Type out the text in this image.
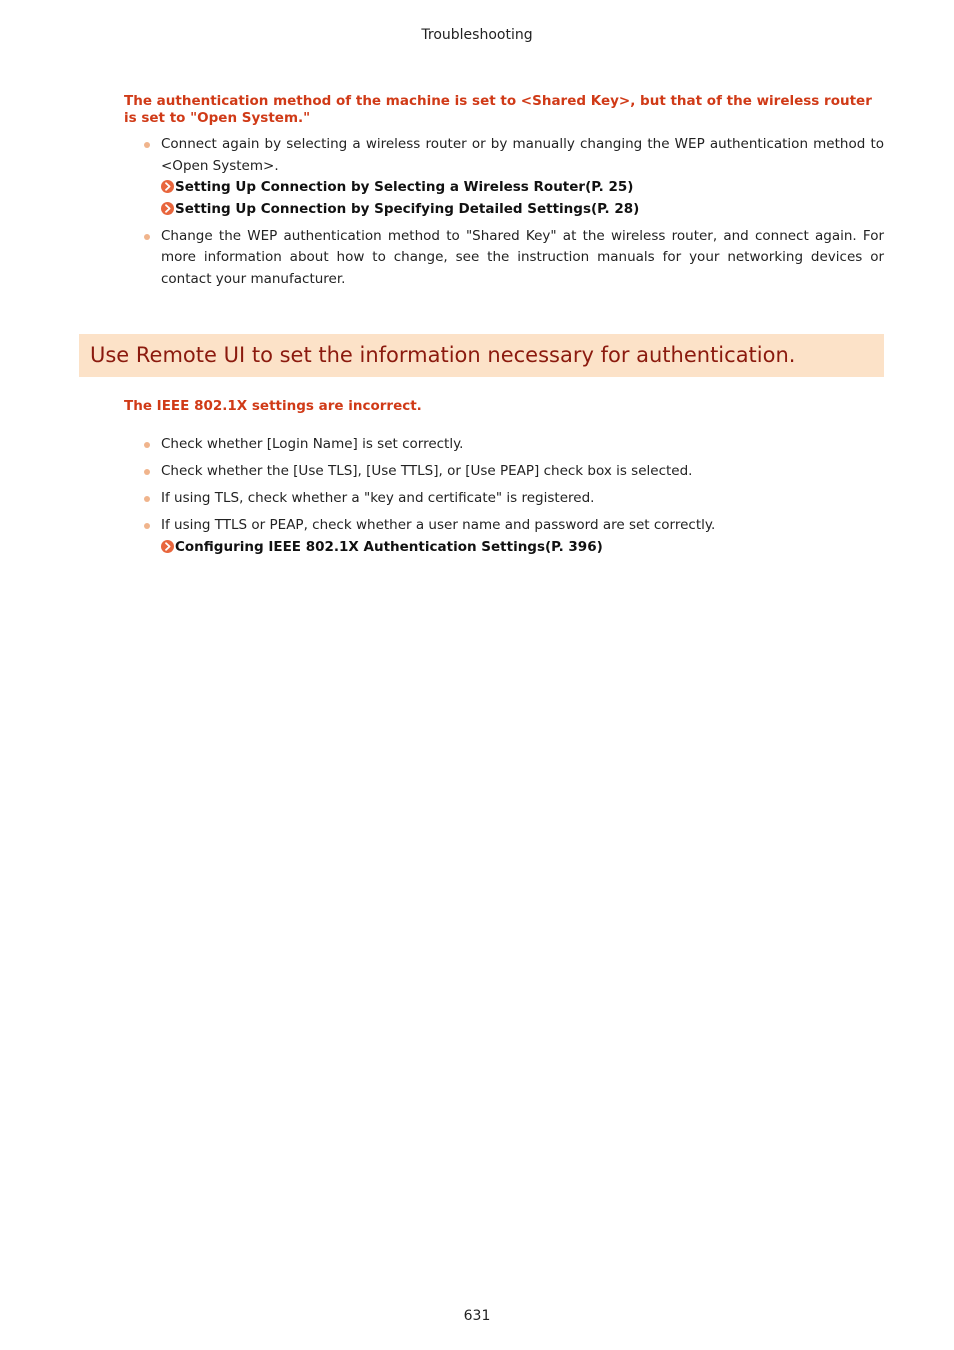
Troubleshooting

The authentication method of the machine is set to <Shared Key>, but that of the wireless router is set to "Open System."

Connect again by selecting a wireless router or by manually changing the WEP authentication method to <Open System>.
Setting Up Connection by Selecting a Wireless Router(P. 25)
Setting Up Connection by Specifying Detailed Settings(P. 28)
Change the WEP authentication method to "Shared Key" at the wireless router, and connect again. For more information about how to change, see the instruction manuals for your networking devices or contact your manufacturer.
Use Remote UI to set the information necessary for authentication.

The IEEE 802.1X settings are incorrect.

Check whether [Login Name] is set correctly.
Check whether the [Use TLS], [Use TTLS], or [Use PEAP] check box is selected.
If using TLS, check whether a "key and certificate" is registered.
If using TTLS or PEAP, check whether a user name and password are set correctly.
Configuring IEEE 802.1X Authentication Settings(P. 396)
631
